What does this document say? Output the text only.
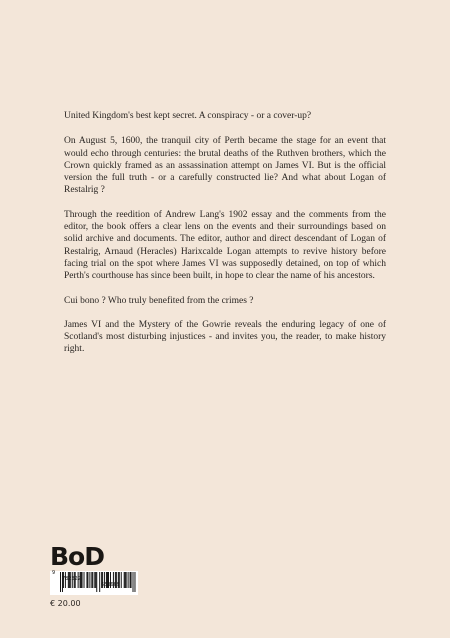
United Kingdom's best kept secret. A conspiracy - or a cover-up?

On August 5, 1600, the tranquil city of Perth became the stage for an event that would echo through centuries: the brutal deaths of the Ruthven brothers, which the Crown quickly framed as an assassination attempt on James VI. But is the official version the full truth - or a carefully constructed lie? And what about Logan of Restalrig ?

Through the reedition of Andrew Lang's 1902 essay and the comments from the editor, the book offers a clear lens on the events and their surroundings based on solid archive and documents. The editor, author and direct descendant of Logan of Restalrig, Arnaud (Heracles) Harixcalde Logan attempts to revive history before facing trial on the spot where James VI was supposedly detained, on top of which Perth's courthouse has since been built, in hope to clear the name of his ancestors.

Cui bono ? Who truly benefited from the crimes ?

James VI and the Mystery of the Gowrie reveals the enduring legacy of one of Scotland's most disturbing injustices - and invites you, the reader, to make history right.

BoD

9

782322

653669

€ 20.00
